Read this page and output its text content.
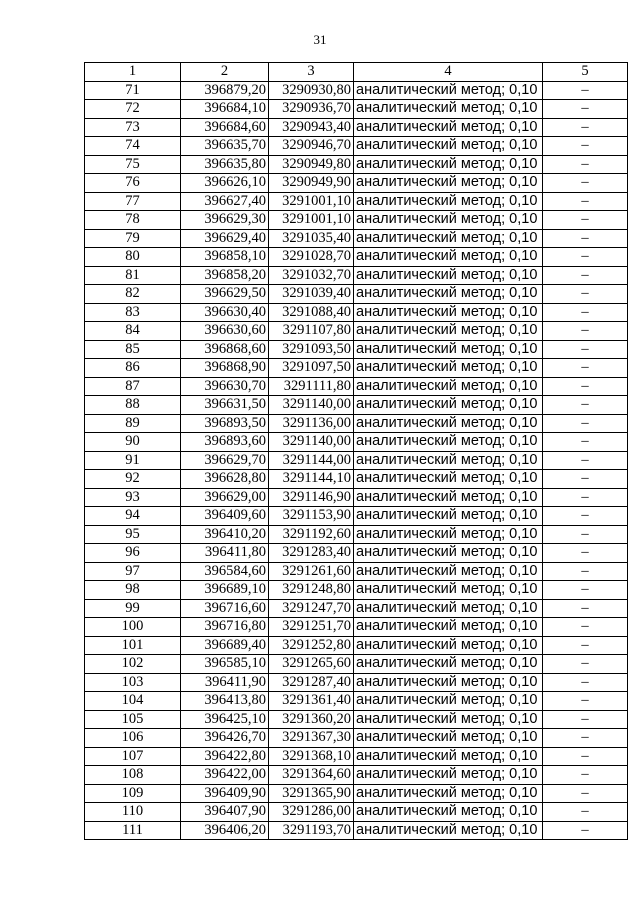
31
1	2	3	4	5
71	396879,20	3290930,80	аналитический метод; 0,10	–
72	396684,10	3290936,70	аналитический метод; 0,10	–
73	396684,60	3290943,40	аналитический метод; 0,10	–
74	396635,70	3290946,70	аналитический метод; 0,10	–
75	396635,80	3290949,80	аналитический метод; 0,10	–
76	396626,10	3290949,90	аналитический метод; 0,10	–
77	396627,40	3291001,10	аналитический метод; 0,10	–
78	396629,30	3291001,10	аналитический метод; 0,10	–
79	396629,40	3291035,40	аналитический метод; 0,10	–
80	396858,10	3291028,70	аналитический метод; 0,10	–
81	396858,20	3291032,70	аналитический метод; 0,10	–
82	396629,50	3291039,40	аналитический метод; 0,10	–
83	396630,40	3291088,40	аналитический метод; 0,10	–
84	396630,60	3291107,80	аналитический метод; 0,10	–
85	396868,60	3291093,50	аналитический метод; 0,10	–
86	396868,90	3291097,50	аналитический метод; 0,10	–
87	396630,70	3291111,80	аналитический метод; 0,10	–
88	396631,50	3291140,00	аналитический метод; 0,10	–
89	396893,50	3291136,00	аналитический метод; 0,10	–
90	396893,60	3291140,00	аналитический метод; 0,10	–
91	396629,70	3291144,00	аналитический метод; 0,10	–
92	396628,80	3291144,10	аналитический метод; 0,10	–
93	396629,00	3291146,90	аналитический метод; 0,10	–
94	396409,60	3291153,90	аналитический метод; 0,10	–
95	396410,20	3291192,60	аналитический метод; 0,10	–
96	396411,80	3291283,40	аналитический метод; 0,10	–
97	396584,60	3291261,60	аналитический метод; 0,10	–
98	396689,10	3291248,80	аналитический метод; 0,10	–
99	396716,60	3291247,70	аналитический метод; 0,10	–
100	396716,80	3291251,70	аналитический метод; 0,10	–
101	396689,40	3291252,80	аналитический метод; 0,10	–
102	396585,10	3291265,60	аналитический метод; 0,10	–
103	396411,90	3291287,40	аналитический метод; 0,10	–
104	396413,80	3291361,40	аналитический метод; 0,10	–
105	396425,10	3291360,20	аналитический метод; 0,10	–
106	396426,70	3291367,30	аналитический метод; 0,10	–
107	396422,80	3291368,10	аналитический метод; 0,10	–
108	396422,00	3291364,60	аналитический метод; 0,10	–
109	396409,90	3291365,90	аналитический метод; 0,10	–
110	396407,90	3291286,00	аналитический метод; 0,10	–
111	396406,20	3291193,70	аналитический метод; 0,10	–
